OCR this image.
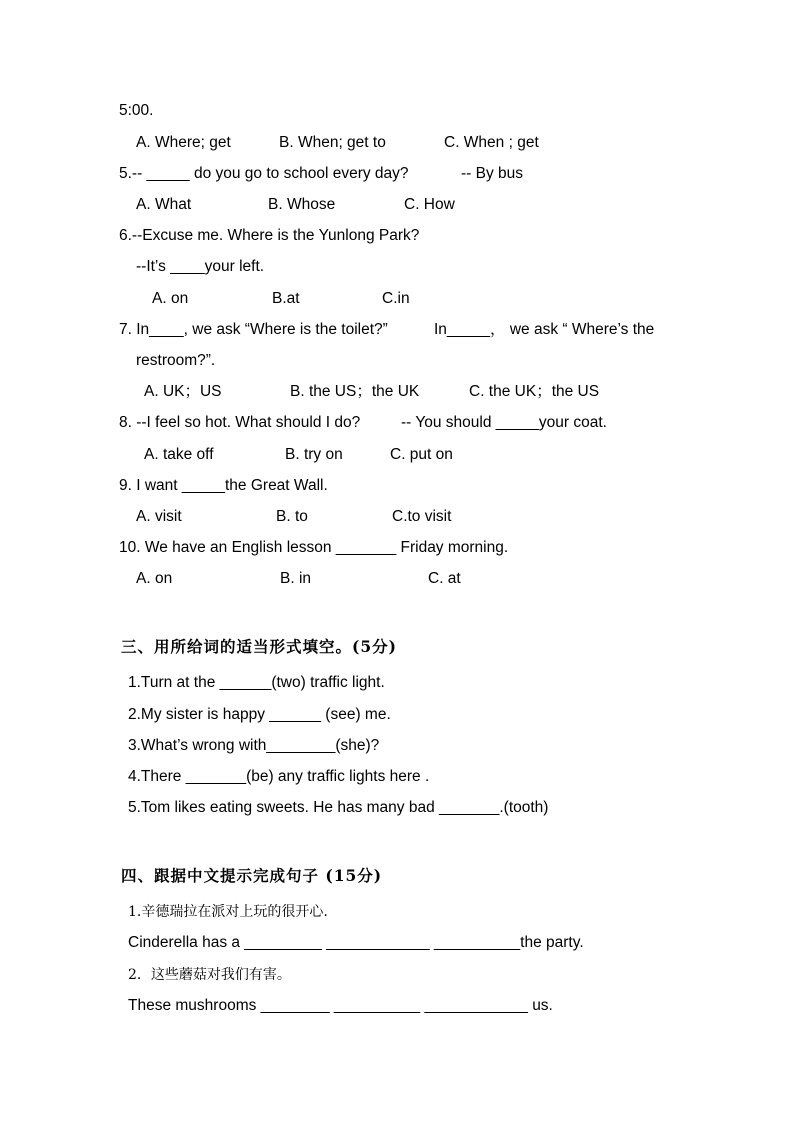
5:00.
A. Where; get	B. When; get to	C. When ; get
5.-- _____ do you go to school every day?	-- By bus
A. What	B. Whose	C. How
6.--Excuse me. Where is the Yunlong Park?
--It’s ____your left.
A. on	B.at	C.in
7. In____, we ask “Where is the toilet?”	In_____， we ask “ Where’s the
restroom?”.
A. UK；US	B. the US；the UK	C. the UK；the US
8. --I feel so hot. What should I do?	-- You should _____your coat.
A. take off	B. try on	C. put on
9. I want _____the Great Wall.
A. visit	B. to	C.to visit
10. We have an English lesson _______ Friday morning.
A. on	B. in	C. at
三、用所给词的适当形式填空。(5分)
1.Turn at the ______(two) traffic light.
2.My sister is happy ______ (see) me.
3.What’s wrong with________(she)?
4.There _______(be) any traffic lights here .
5.Tom likes eating sweets. He has many bad _______.(tooth)
四、跟据中文提示完成句子 (15分)
1.辛德瑞拉在派对上玩的很开心.
Cinderella has a _________ ____________ __________the party.
2．这些蘑菇对我们有害。
These mushrooms ________ __________ ____________ us.
